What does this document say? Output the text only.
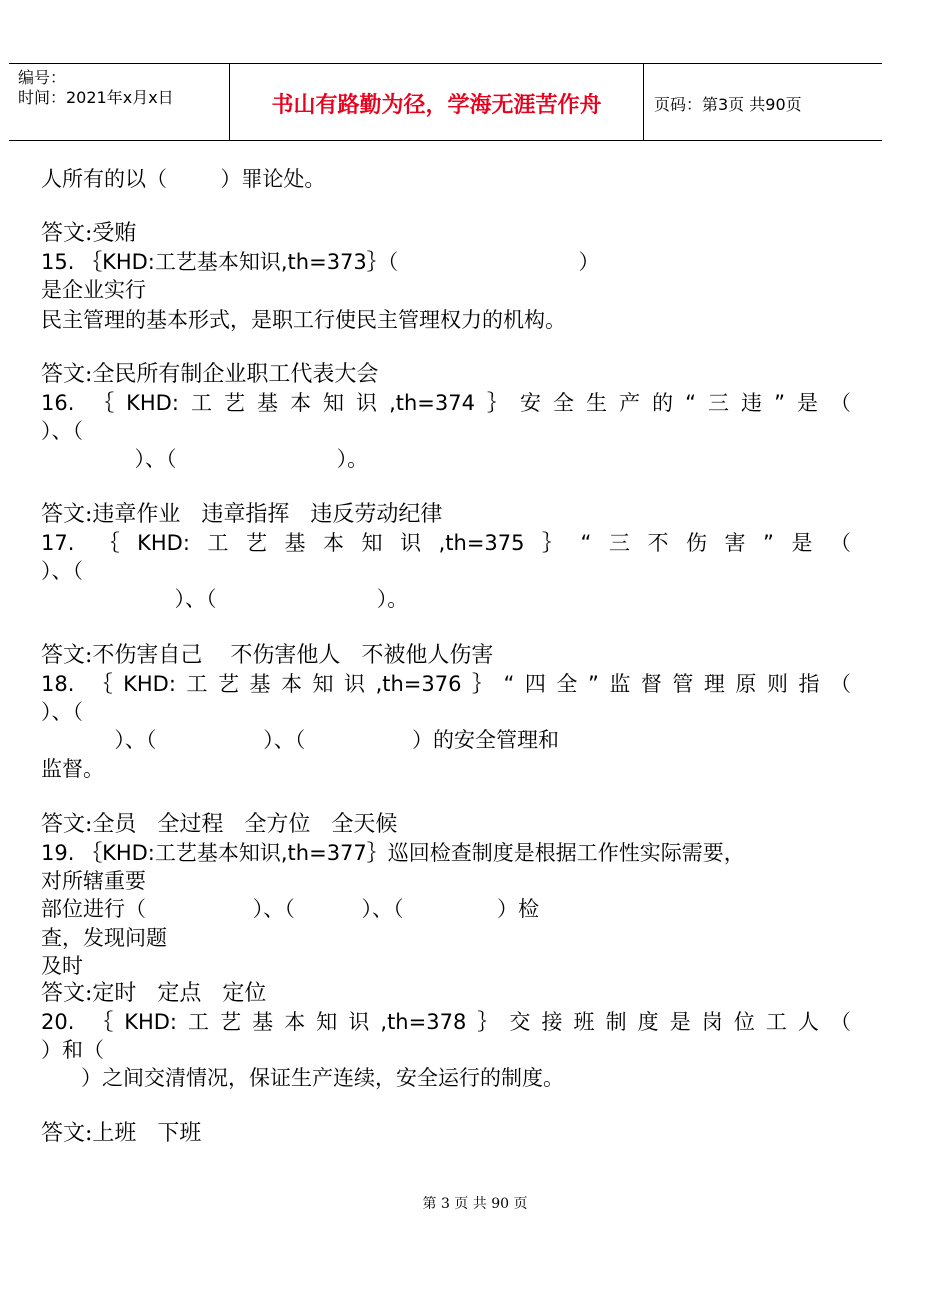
编号：
时间：2021年x月x日	书山有路勤为径，学海无涯苦作舟	页码：第3页 共90页
人所有的以（        ）罪论处。
答文:受贿
15. ｛KHD:工艺基本知识,th=373｝（                           ）
是企业实行
民主管理的基本形式，是职工行使民主管理权力的机构。
答文:全民所有制企业职工代表大会
16. ｛KHD:工艺基本知识,th=374｝安全生产的“三违”是（
）、（
）、（                        ）。
答文:违章作业   违章指挥   违反劳动纪律
17. ｛KHD:工艺基本知识,th=375｝“三不伤害”是（
）、（
）、（                        ）。
答文:不伤害自己    不伤害他人   不被他人伤害
18. ｛KHD:工艺基本知识,th=376｝“四全”监督管理原则指（
）、（
）、（                ）、（                ）的安全管理和
监督。
答文:全员   全过程   全方位   全天候
19. ｛KHD:工艺基本知识,th=377｝巡回检查制度是根据工作性实际需要，
对所辖重要
部位进行（                ）、（          ）、（              ）检
查，发现问题
及时
答文:定时   定点   定位
20. ｛KHD:工艺基本知识,th=378｝交接班制度是岗位工人（
）和（
）之间交清情况，保证生产连续，安全运行的制度。
答文:上班   下班
第 3 页 共 90 页
